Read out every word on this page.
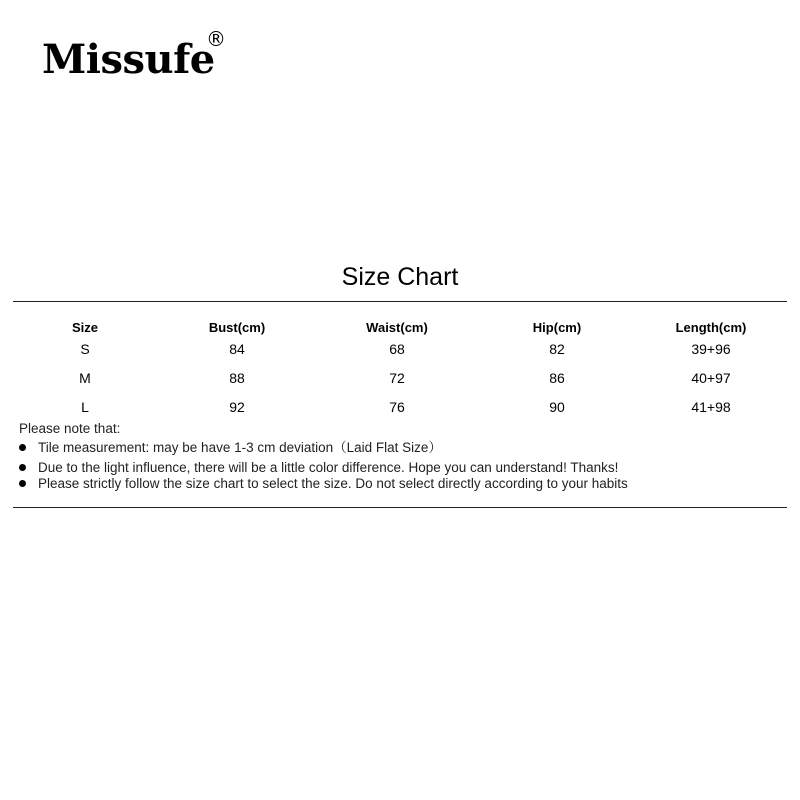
Missufe
®
Size Chart
Size	Bust(cm)	Waist(cm)	Hip(cm)	Length(cm)
S	84	68	82	39+96
M	88	72	86	40+97
L	92	76	90	41+98
Please note that:
Tile measurement: may be have 1-3 cm deviation（Laid Flat Size）
Due to the light influence, there will be a little color difference. Hope you can understand! Thanks!
Please strictly follow the size chart to select the size. Do not select directly according to your habits
